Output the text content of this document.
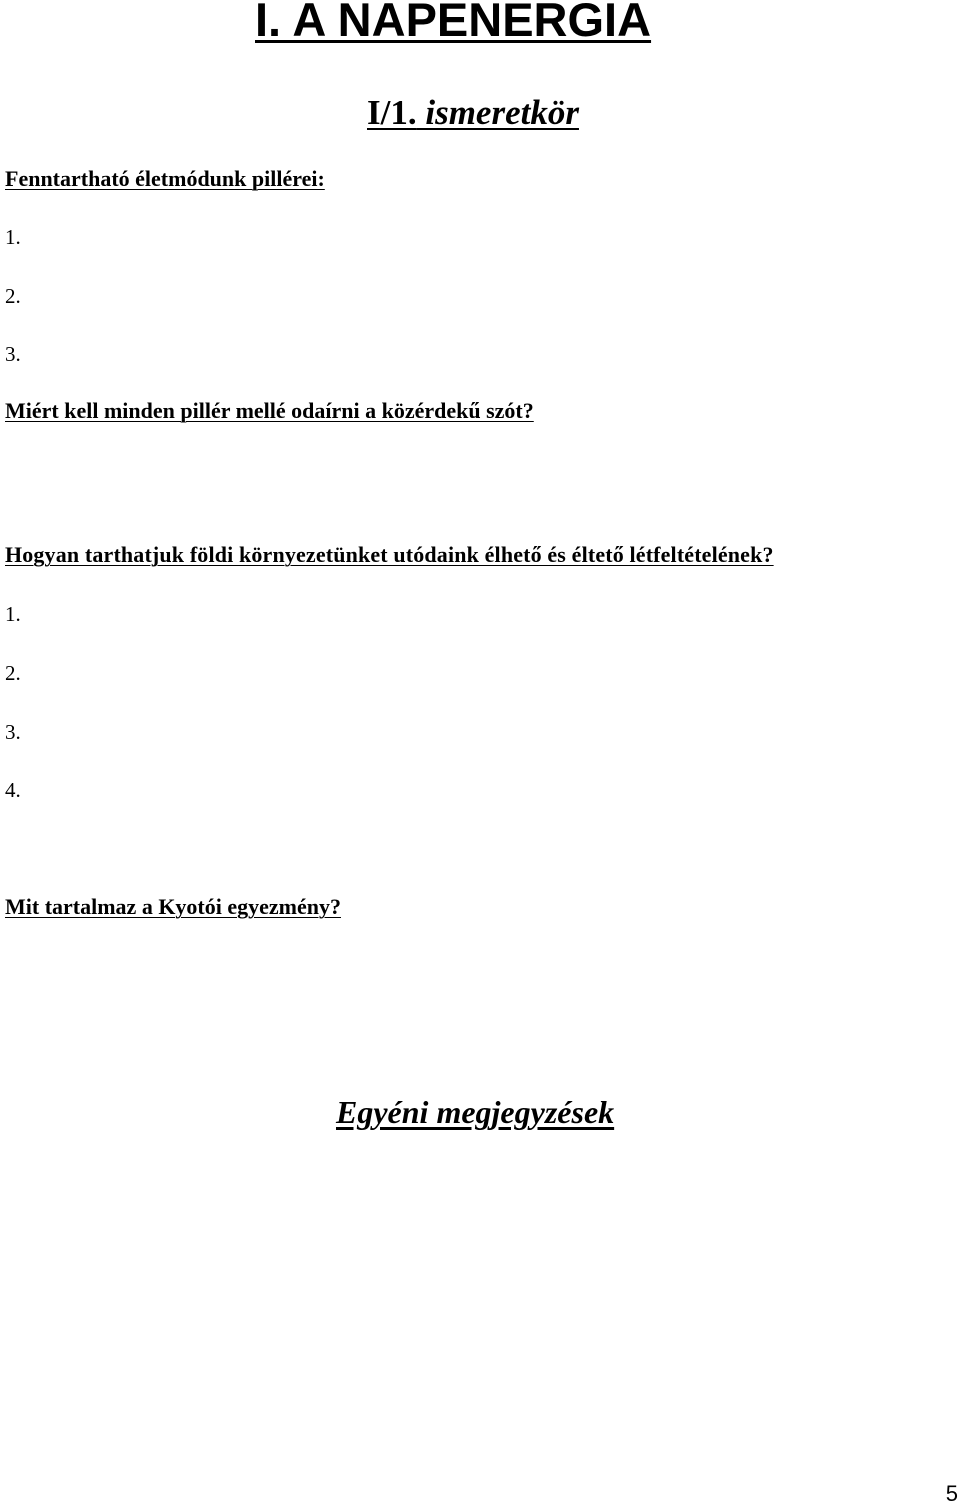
I. A NAPENERGIA
I/1. ismeretkör
Fenntartható életmódunk pillérei:
1.
2.
3.
Miért kell minden pillér mellé odaírni a közérdekű szót?
Hogyan tarthatjuk földi környezetünket utódaink élhető és éltető létfeltételének?
1.
2.
3.
4.
Mit tartalmaz a Kyotói egyezmény?
Egyéni megjegyzések
5
